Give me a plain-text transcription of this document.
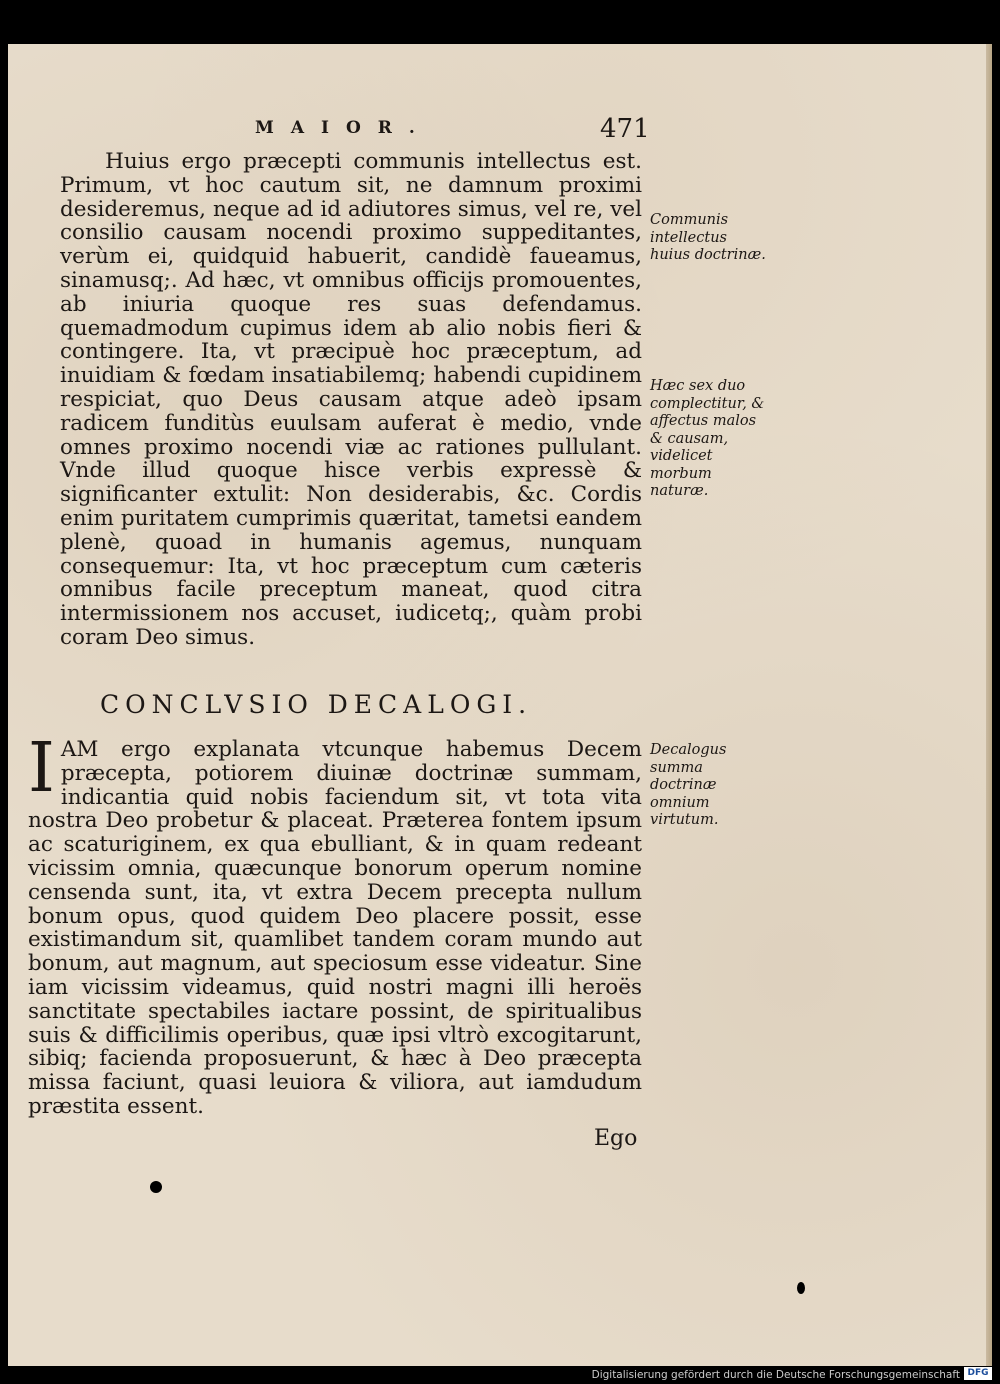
MAIOR.	471

Huius ergo præcepti communis intellectus est. Primum, vt hoc cautum sit, ne damnum proximi desideremus, neque ad id adiutores simus, vel re, vel consilio causam nocendi proximo suppeditantes, verùm ei, quidquid habuerit, candidè faueamus, sinamusq;. Ad hæc, vt omnibus officijs promouentes, ab iniuria quoque res suas defendamus. quemadmodum cupimus idem ab alio nobis fieri & contingere. Ita, vt præcipuè hoc præceptum, ad inuidiam & fœdam insatiabilemq; habendi cupidinem respiciat, quo Deus causam atque adeò ipsam radicem funditùs euulsam auferat è medio, vnde omnes proximo nocendi viæ ac rationes pullulant. Vnde illud quoque hisce verbis expressè & significanter extulit: Non desiderabis, &c. Cordis enim puritatem cumprimis quæritat, tametsi eandem plenè, quoad in humanis agemus, nunquam consequemur: Ita, vt hoc præceptum cum cæteris omnibus facile preceptum maneat, quod citra intermissionem nos accuset, iudicetq;, quàm probi coram Deo simus.

Communis intellectus huius doctrinæ.
Hæc sex duo complectitur, & affectus malos & causam, videlicet morbum naturæ.
CONCLVSIO DECALOGI.
I AM ergo explanata vtcunque habemus Decem præcepta, potiorem diuinæ doctrinæ summam, indicantia quid nobis faciendum sit, vt tota vita nostra Deo probetur & placeat. Præterea fontem ipsum ac scaturiginem, ex qua ebulliant, & in quam redeant vicissim omnia, quæcunque bonorum operum nomine censenda sunt, ita, vt extra Decem precepta nullum bonum opus, quod quidem Deo placere possit, esse existimandum sit, quamlibet tandem coram mundo aut bonum, aut magnum, aut speciosum esse videatur. Sine iam vicissim videamus, quid nostri magni illi heroës sanctitate spectabiles iactare possint, de spiritualibus suis & difficilimis operibus, quæ ipsi vltrò excogitarunt, sibiq; facienda proposuerunt, & hæc à Deo præcepta missa faciunt, quasi leuiora & viliora, aut iamdudum præstita essent.
Decalogus summa doctrinæ omnium virtutum.
Ego
Digitalisierung gefördert durch die Deutsche Forschungsgemeinschaft DFG
